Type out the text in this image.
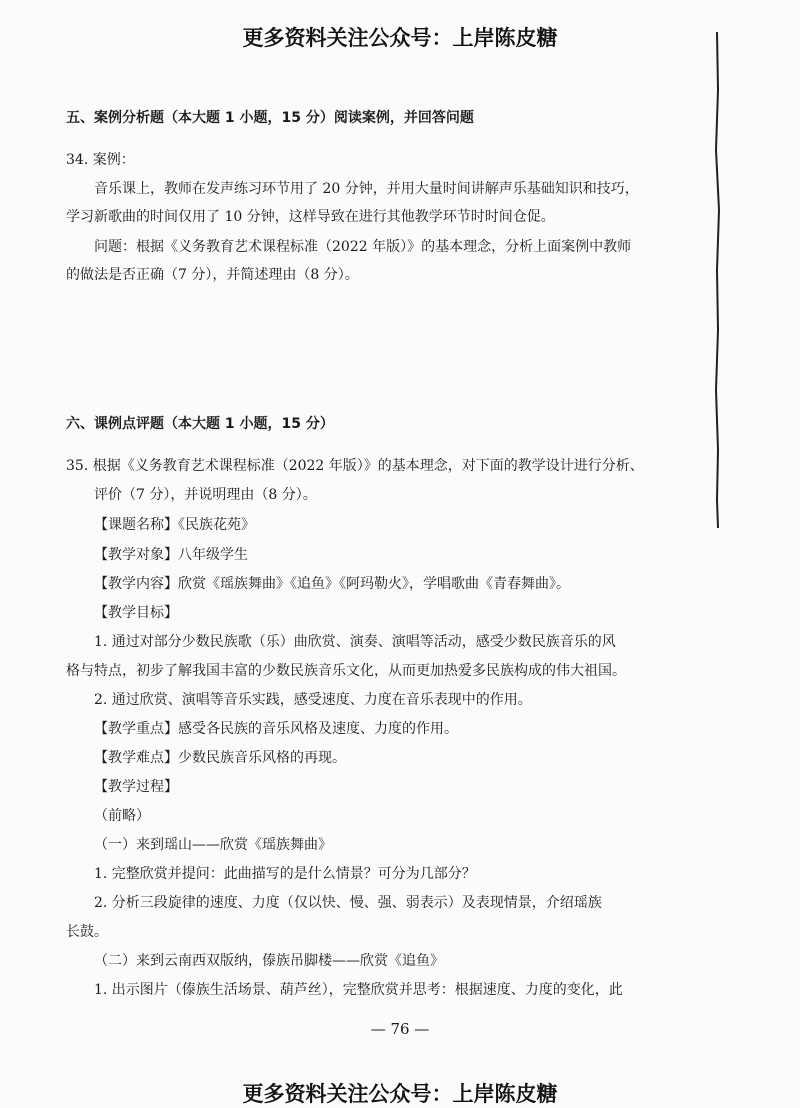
更多资料关注公众号：上岸陈皮糖
五、案例分析题（本大题 1 小题，15 分）阅读案例，并回答问题
34. 案例：
音乐课上，教师在发声练习环节用了 20 分钟，并用大量时间讲解声乐基础知识和技巧，
学习新歌曲的时间仅用了 10 分钟，这样导致在进行其他教学环节时时间仓促。
问题：根据《义务教育艺术课程标准（2022 年版）》的基本理念，分析上面案例中教师
的做法是否正确（7 分），并简述理由（8 分）。
六、课例点评题（本大题 1 小题，15 分）
35. 根据《义务教育艺术课程标准（2022 年版）》的基本理念，对下面的教学设计进行分析、
评价（7 分），并说明理由（8 分）。
【课题名称】《民族花苑》
【教学对象】八年级学生
【教学内容】欣赏《瑶族舞曲》《追鱼》《阿玛勒火》，学唱歌曲《青春舞曲》。
【教学目标】
1. 通过对部分少数民族歌（乐）曲欣赏、演奏、演唱等活动，感受少数民族音乐的风
格与特点，初步了解我国丰富的少数民族音乐文化，从而更加热爱多民族构成的伟大祖国。
2. 通过欣赏、演唱等音乐实践，感受速度、力度在音乐表现中的作用。
【教学重点】感受各民族的音乐风格及速度、力度的作用。
【教学难点】少数民族音乐风格的再现。
【教学过程】
（前略）
（一）来到瑶山——欣赏《瑶族舞曲》
1. 完整欣赏并提问：此曲描写的是什么情景？可分为几部分？
2. 分析三段旋律的速度、力度（仅以快、慢、强、弱表示）及表现情景，介绍瑶族
长鼓。
（二）来到云南西双版纳，傣族吊脚楼——欣赏《追鱼》
1. 出示图片（傣族生活场景、葫芦丝），完整欣赏并思考：根据速度、力度的变化，此
— 76 —
更多资料关注公众号：上岸陈皮糖
